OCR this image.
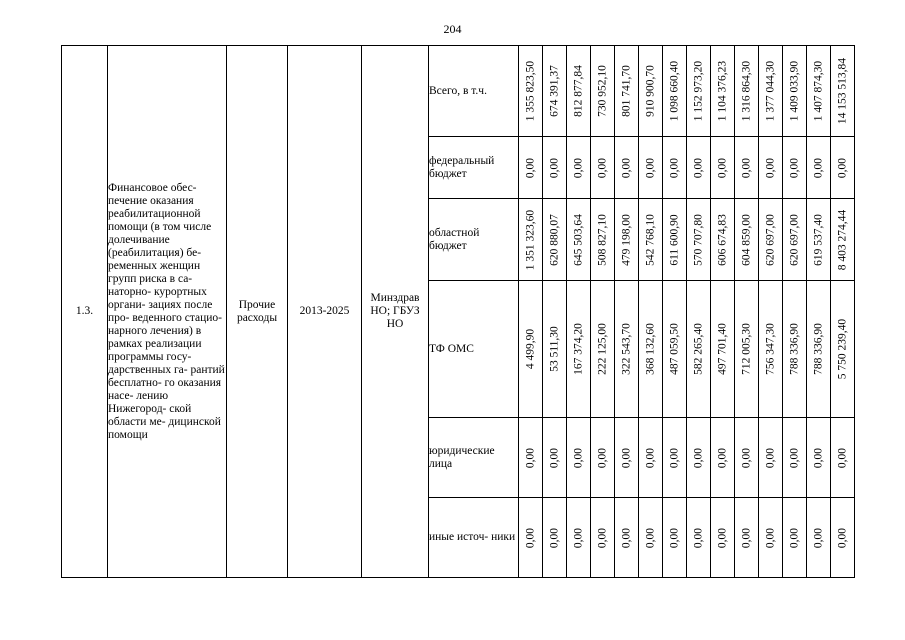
204
1.3.	Финансовое обес- печение оказания реабилитационной помощи (в том числе долечивание (реабилитация) бе- ременных женщин групп риска в са- наторно- курортных органи- зациях после про- веденного стацио- нарного лечения) в рамках реализации программы госу- дарственных га- рантий бесплатно- го оказания насе- лению Нижегород- ской области ме- дицинской помощи	Прочие расходы	2013-2025	Минздрав НО; ГБУЗ НО	Всего, в т.ч.	1 355 823,50	674 391,37	812 877,84	730 952,10	801 741,70	910 900,70	1 098 660,40	1 152 973,20	1 104 376,23	1 316 864,30	1 377 044,30	1 409 033,90	1 407 874,30	14 153 513,84

					федеральный бюджет	0,00	0,00	0,00	0,00	0,00	0,00	0,00	0,00	0,00	0,00	0,00	0,00	0,00	0,00

					областной бюджет	1 351 323,60	620 880,07	645 503,64	508 827,10	479 198,00	542 768,10	611 600,90	570 707,80	606 674,83	604 859,00	620 697,00	620 697,00	619 537,40	8 403 274,44

					ТФ ОМС	4 499,90	53 511,30	167 374,20	222 125,00	322 543,70	368 132,60	487 059,50	582 265,40	497 701,40	712 005,30	756 347,30	788 336,90	788 336,90	5 750 239,40

					юридические лица	0,00	0,00	0,00	0,00	0,00	0,00	0,00	0,00	0,00	0,00	0,00	0,00	0,00	0,00

					иные источ- ники	0,00	0,00	0,00	0,00	0,00	0,00	0,00	0,00	0,00	0,00	0,00	0,00	0,00	0,00
